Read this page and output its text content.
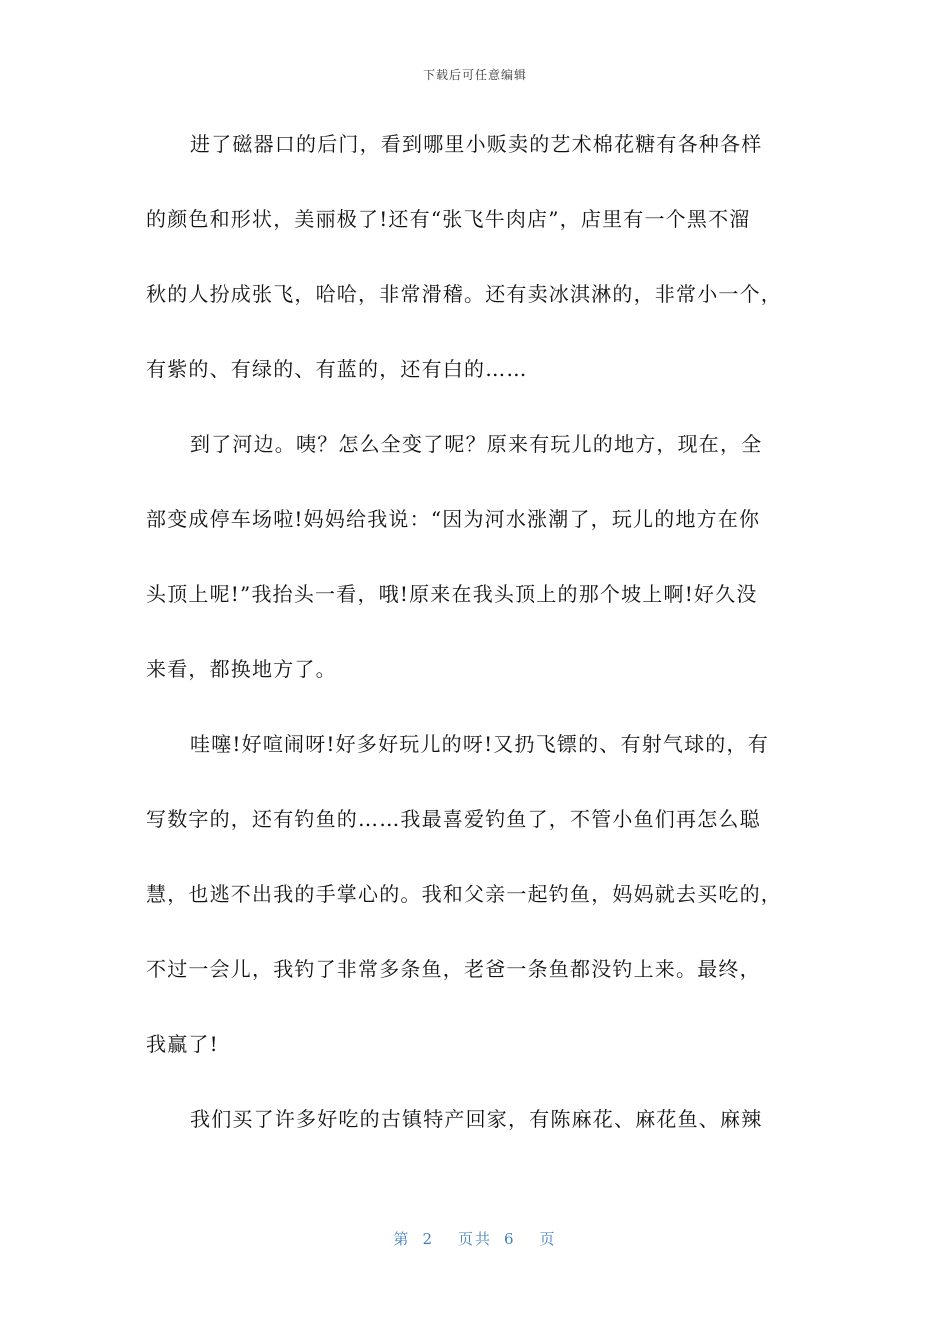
下载后可任意编辑
进了磁器口的后门，看到哪里小贩卖的艺术棉花糖有各种各样
的颜色和形状，美丽极了!还有“张飞牛肉店”，店里有一个黑不溜
秋的人扮成张飞，哈哈，非常滑稽。还有卖冰淇淋的，非常小一个，
有紫的、有绿的、有蓝的，还有白的……
到了河边。咦？怎么全变了呢？原来有玩儿的地方，现在，全
部变成停车场啦!妈妈给我说：“因为河水涨潮了，玩儿的地方在你
头顶上呢!”我抬头一看，哦!原来在我头顶上的那个坡上啊!好久没
来看，都换地方了。
哇噻!好喧闹呀!好多好玩儿的呀!又扔飞镖的、有射气球的，有
写数字的，还有钓鱼的……我最喜爱钓鱼了，不管小鱼们再怎么聪
慧，也逃不出我的手掌心的。我和父亲一起钓鱼，妈妈就去买吃的，
不过一会儿，我钓了非常多条鱼，老爸一条鱼都没钓上来。最终，
我赢了!
我们买了许多好吃的古镇特产回家，有陈麻花、麻花鱼、麻辣
第 2 页共 6 页
